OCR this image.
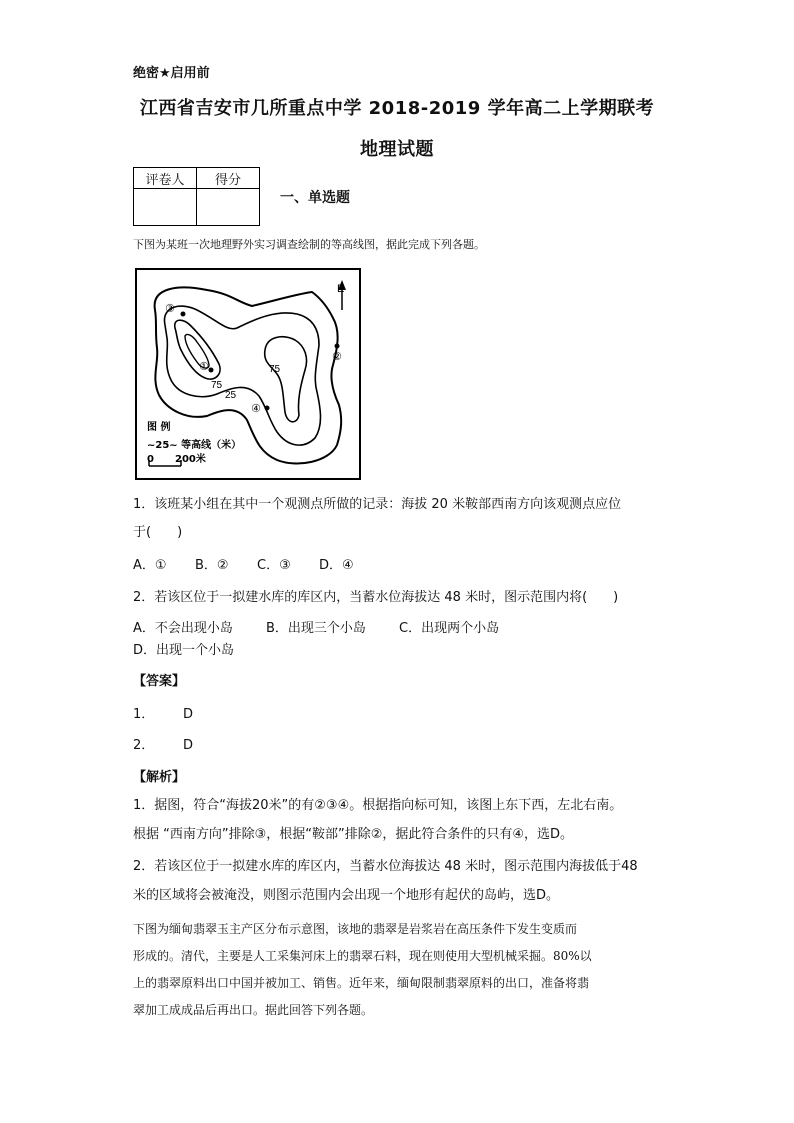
绝密★启用前
江西省吉安市几所重点中学 2018-2019 学年高二上学期联考
地理试题
评卷人	得分

一、单选题
下图为某班一次地理野外实习调查绘制的等高线图，据此完成下列各题。
E
①
②
③
④
75
75
25
图 例
~25~ 等高线（米）
0 200米
1．该班某小组在其中一个观测点所做的记录：海拔 20 米鞍部西南方向该观测点应位
于(　　)
A．① B．② C．③ D．④
2．若该区位于一拟建水库的库区内，当蓄水位海拔达 48 米时，图示范围内将(　　)
A．不会出现小岛	B．出现三个小岛	C．出现两个小岛D．出现一个小岛
【答案】
1． D
2． D
【解析】
1．据图，符合“海拔20米”的有②③④。根据指向标可知，该图上东下西，左北右南。
根据 “西南方向”排除③，根据“鞍部”排除②，据此符合条件的只有④，选D。
2．若该区位于一拟建水库的库区内，当蓄水位海拔达 48 米时，图示范围内海拔低于48
米的区域将会被淹没，则图示范围内会出现一个地形有起伏的岛屿，选D。
下图为缅甸翡翠玉主产区分布示意图，该地的翡翠是岩浆岩在高压条件下发生变质而
形成的。清代，主要是人工采集河床上的翡翠石料，现在则使用大型机械采掘。80%以
上的翡翠原料出口中国并被加工、销售。近年来，缅甸限制翡翠原料的出口，准备将翡
翠加工成成品后再出口。据此回答下列各题。
